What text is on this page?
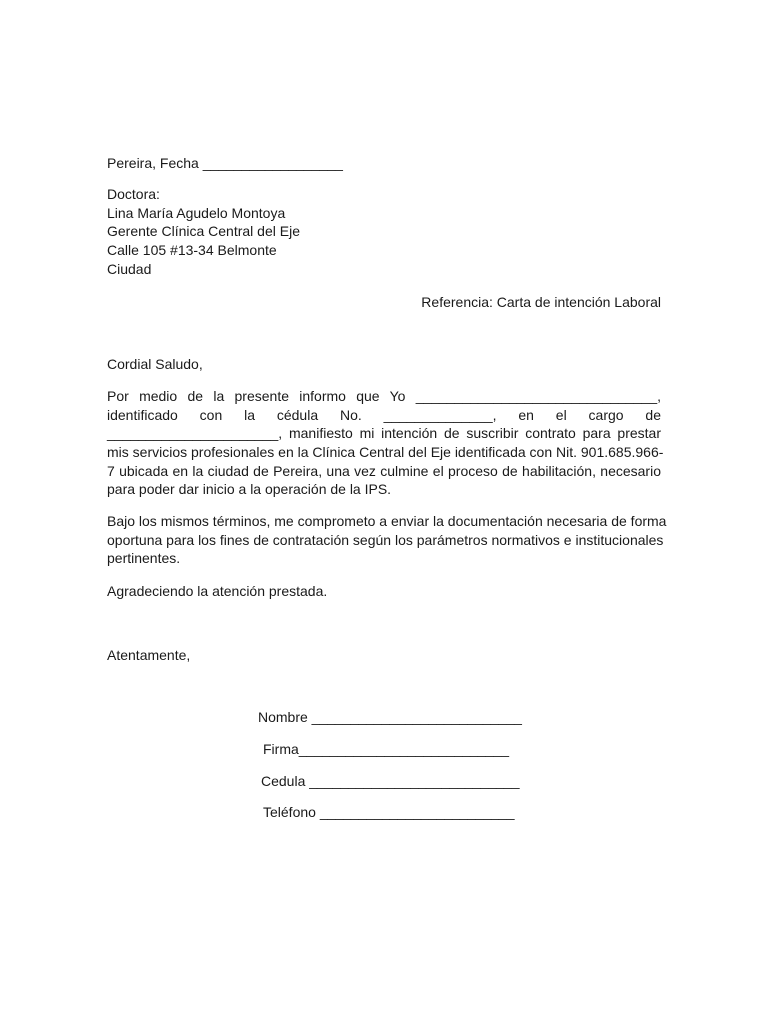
Pereira, Fecha __________________
Doctora:
Lina María Agudelo Montoya
Gerente Clínica Central del Eje
Calle 105 #13-34 Belmonte
Ciudad
Referencia: Carta de intención Laboral
Cordial Saludo,
Por medio de la presente informo que Yo _______________________________,
identificado con la cédula No. ______________, en el cargo de
______________________, manifiesto mi intención de suscribir contrato para prestar
mis servicios profesionales en la Clínica Central del Eje identificada con Nit. 901.685.966-
7 ubicada en la ciudad de Pereira, una vez culmine el proceso de habilitación, necesario
para poder dar inicio a la operación de la IPS.
Bajo los mismos términos, me comprometo a enviar la documentación necesaria de forma
oportuna para los fines de contratación según los parámetros normativos e institucionales
pertinentes.
Agradeciendo la atención prestada.
Atentamente,
Nombre ___________________________
Firma___________________________
Cedula ___________________________
Teléfono _________________________
